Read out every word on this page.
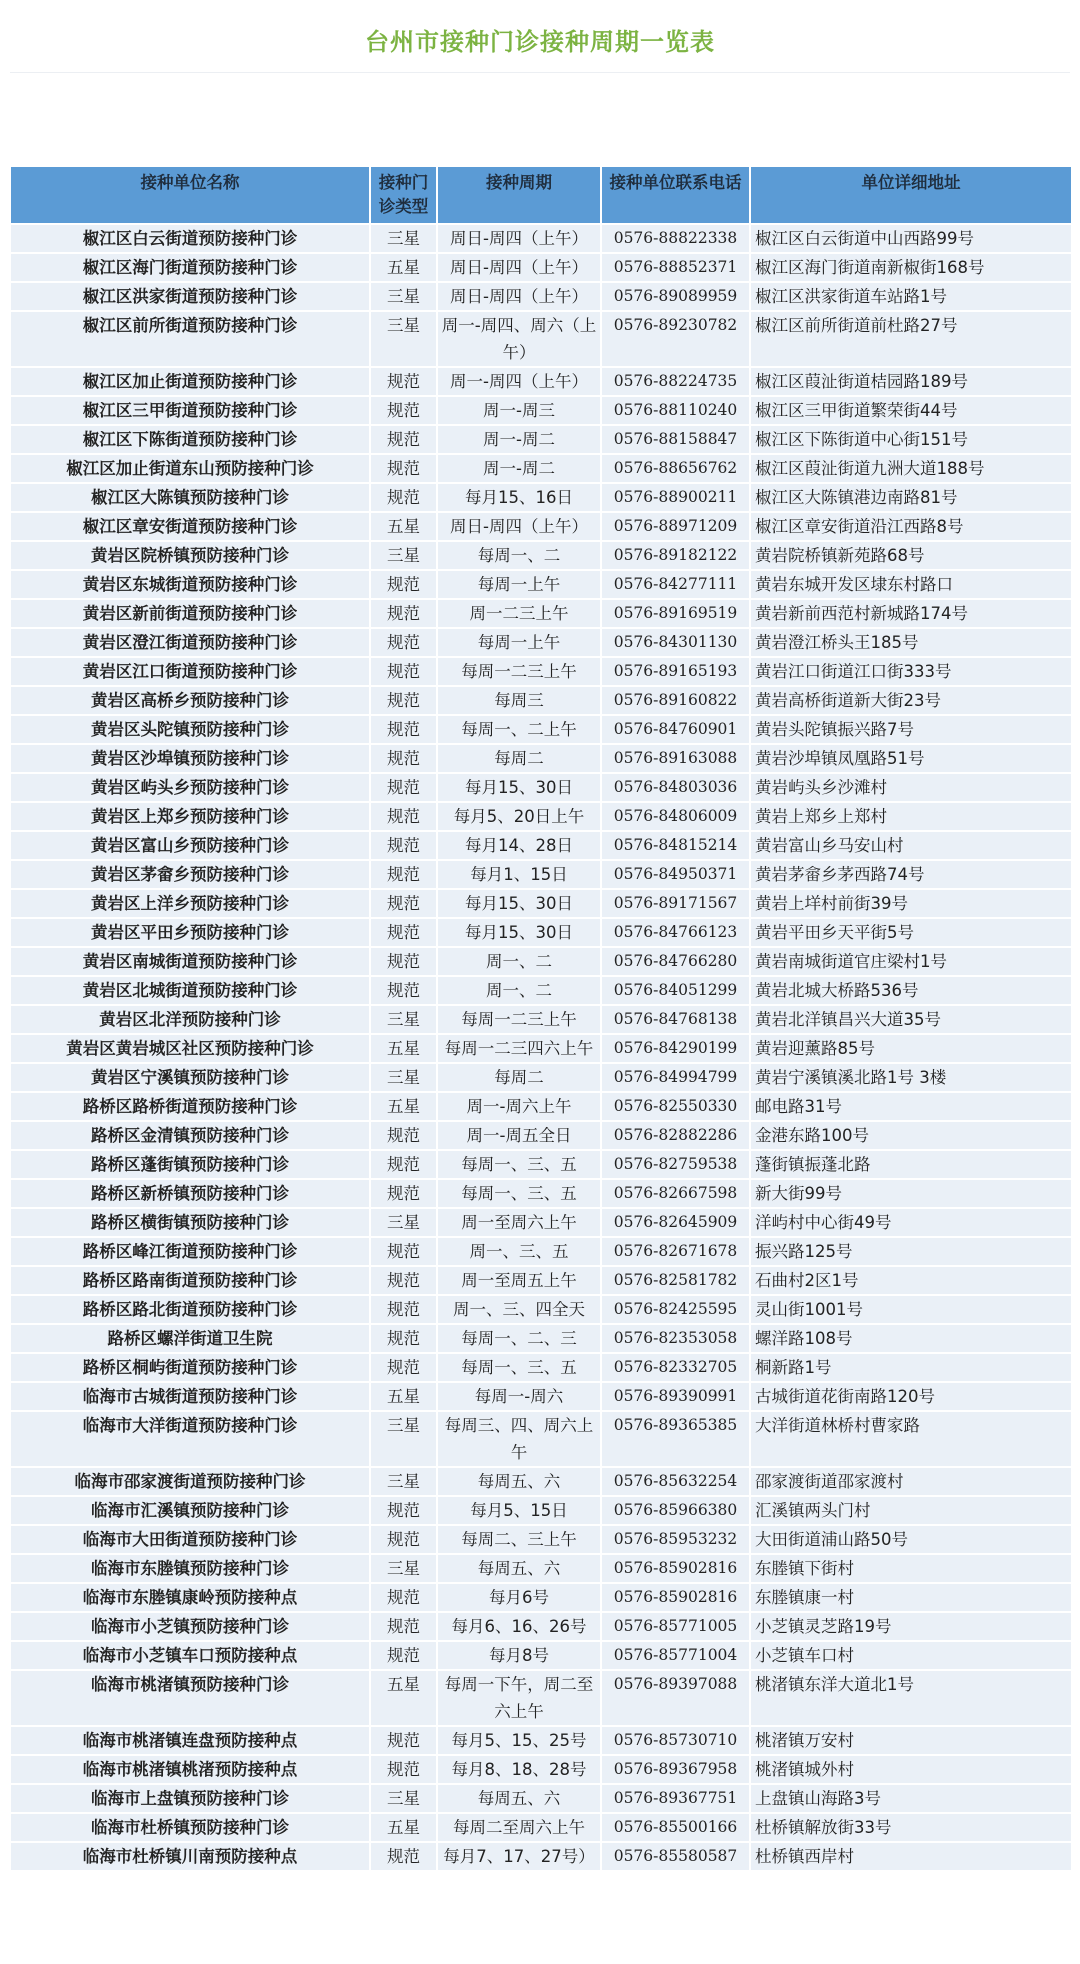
台州市接种门诊接种周期一览表
接种单位名称	接种门诊类型	接种周期	接种单位联系电话	单位详细地址
椒江区白云街道预防接种门诊	三星	周日-周四（上午）	0576-88822338	椒江区白云街道中山西路99号
椒江区海门街道预防接种门诊	五星	周日-周四（上午）	0576-88852371	椒江区海门街道南新椒街168号
椒江区洪家街道预防接种门诊	三星	周日-周四（上午）	0576-89089959	椒江区洪家街道车站路1号
椒江区前所街道预防接种门诊	三星	周一-周四、周六（上午）	0576-89230782	椒江区前所街道前杜路27号
椒江区加止街道预防接种门诊	规范	周一-周四（上午）	0576-88224735	椒江区葭沚街道桔园路189号
椒江区三甲街道预防接种门诊	规范	周一-周三	0576-88110240	椒江区三甲街道繁荣街44号
椒江区下陈街道预防接种门诊	规范	周一-周二	0576-88158847	椒江区下陈街道中心街151号
椒江区加止街道东山预防接种门诊	规范	周一-周二	0576-88656762	椒江区葭沚街道九洲大道188号
椒江区大陈镇预防接种门诊	规范	每月15、16日	0576-88900211	椒江区大陈镇港边南路81号
椒江区章安街道预防接种门诊	五星	周日-周四（上午）	0576-88971209	椒江区章安街道沿江西路8号
黄岩区院桥镇预防接种门诊	三星	每周一、二	0576-89182122	黄岩院桥镇新苑路68号
黄岩区东城街道预防接种门诊	规范	每周一上午	0576-84277111	黄岩东城开发区埭东村路口
黄岩区新前街道预防接种门诊	规范	周一二三上午	0576-89169519	黄岩新前西范村新城路174号
黄岩区澄江街道预防接种门诊	规范	每周一上午	0576-84301130	黄岩澄江桥头王185号
黄岩区江口街道预防接种门诊	规范	每周一二三上午	0576-89165193	黄岩江口街道江口街333号
黄岩区高桥乡预防接种门诊	规范	每周三	0576-89160822	黄岩高桥街道新大街23号
黄岩区头陀镇预防接种门诊	规范	每周一、二上午	0576-84760901	黄岩头陀镇振兴路7号
黄岩区沙埠镇预防接种门诊	规范	每周二	0576-89163088	黄岩沙埠镇凤凰路51号
黄岩区屿头乡预防接种门诊	规范	每月15、30日	0576-84803036	黄岩屿头乡沙滩村
黄岩区上郑乡预防接种门诊	规范	每月5、20日上午	0576-84806009	黄岩上郑乡上郑村
黄岩区富山乡预防接种门诊	规范	每月14、28日	0576-84815214	黄岩富山乡马安山村
黄岩区茅畲乡预防接种门诊	规范	每月1、15日	0576-84950371	黄岩茅畲乡茅西路74号
黄岩区上洋乡预防接种门诊	规范	每月15、30日	0576-89171567	黄岩上垟村前街39号
黄岩区平田乡预防接种门诊	规范	每月15、30日	0576-84766123	黄岩平田乡天平街5号
黄岩区南城街道预防接种门诊	规范	周一、二	0576-84766280	黄岩南城街道官庄梁村1号
黄岩区北城街道预防接种门诊	规范	周一、二	0576-84051299	黄岩北城大桥路536号
黄岩区北洋预防接种门诊	三星	每周一二三上午	0576-84768138	黄岩北洋镇昌兴大道35号
黄岩区黄岩城区社区预防接种门诊	五星	每周一二三四六上午	0576-84290199	黄岩迎薰路85号
黄岩区宁溪镇预防接种门诊	三星	每周二	0576-84994799	黄岩宁溪镇溪北路1号 3楼
路桥区路桥街道预防接种门诊	五星	周一-周六上午	0576-82550330	邮电路31号
路桥区金清镇预防接种门诊	规范	周一-周五全日	0576-82882286	金港东路100号
路桥区蓬街镇预防接种门诊	规范	每周一、三、五	0576-82759538	蓬街镇振蓬北路
路桥区新桥镇预防接种门诊	规范	每周一、三、五	0576-82667598	新大街99号
路桥区横街镇预防接种门诊	三星	周一至周六上午	0576-82645909	洋屿村中心街49号
路桥区峰江街道预防接种门诊	规范	周一、三、五	0576-82671678	振兴路125号
路桥区路南街道预防接种门诊	规范	周一至周五上午	0576-82581782	石曲村2区1号
路桥区路北街道预防接种门诊	规范	周一、三、四全天	0576-82425595	灵山街1001号
路桥区螺洋街道卫生院	规范	每周一、二、三	0576-82353058	螺洋路108号
路桥区桐屿街道预防接种门诊	规范	每周一、三、五	0576-82332705	桐新路1号
临海市古城街道预防接种门诊	五星	每周一-周六	0576-89390991	古城街道花街南路120号
临海市大洋街道预防接种门诊	三星	每周三、四、周六上午	0576-89365385	大洋街道林桥村曹家路
临海市邵家渡街道预防接种门诊	三星	每周五、六	0576-85632254	邵家渡街道邵家渡村
临海市汇溪镇预防接种门诊	规范	每月5、15日	0576-85966380	汇溪镇两头门村
临海市大田街道预防接种门诊	规范	每周二、三上午	0576-85953232	大田街道浦山路50号
临海市东塍镇预防接种门诊	三星	每周五、六	0576-85902816	东塍镇下街村
临海市东塍镇康岭预防接种点	规范	每月6号	0576-85902816	东塍镇康一村
临海市小芝镇预防接种门诊	规范	每月6、16、26号	0576-85771005	小芝镇灵芝路19号
临海市小芝镇车口预防接种点	规范	每月8号	0576-85771004	小芝镇车口村
临海市桃渚镇预防接种门诊	五星	每周一下午，周二至六上午	0576-89397088	桃渚镇东洋大道北1号
临海市桃渚镇连盘预防接种点	规范	每月5、15、25号	0576-85730710	桃渚镇万安村
临海市桃渚镇桃渚预防接种点	规范	每月8、18、28号	0576-89367958	桃渚镇城外村
临海市上盘镇预防接种门诊	三星	每周五、六	0576-89367751	上盘镇山海路3号
临海市杜桥镇预防接种门诊	五星	每周二至周六上午	0576-85500166	杜桥镇解放街33号
临海市杜桥镇川南预防接种点	规范	每月7、17、27号）	0576-85580587	杜桥镇西岸村
